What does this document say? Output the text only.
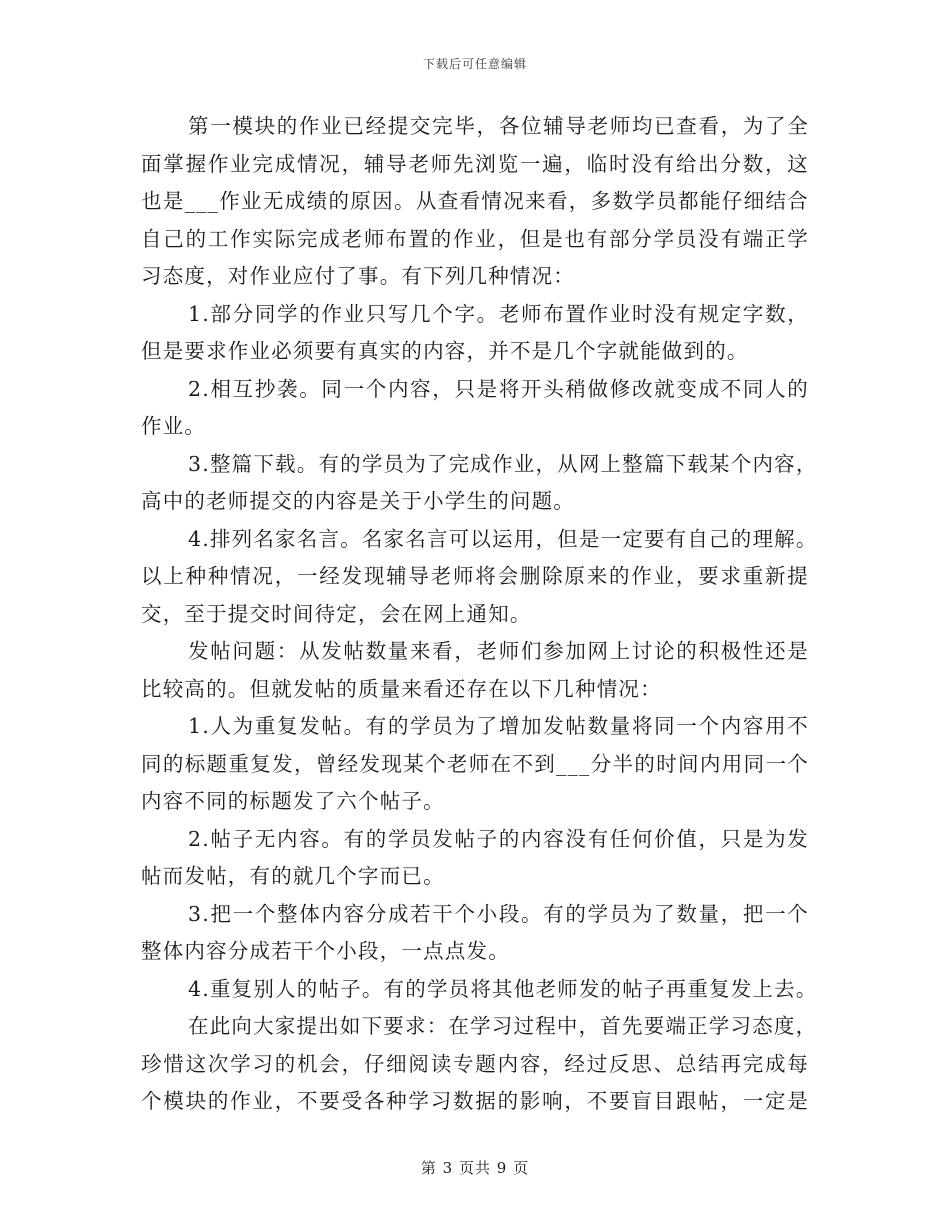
下载后可任意编辑
第一模块的作业已经提交完毕，各位辅导老师均已查看，为了全
面掌握作业完成情况，辅导老师先浏览一遍，临时没有给出分数，这
也是___作业无成绩的原因。从查看情况来看，多数学员都能仔细结合
自己的工作实际完成老师布置的作业，但是也有部分学员没有端正学
习态度，对作业应付了事。有下列几种情况：
1.部分同学的作业只写几个字。老师布置作业时没有规定字数，
但是要求作业必须要有真实的内容，并不是几个字就能做到的。
2.相互抄袭。同一个内容，只是将开头稍做修改就变成不同人的
作业。
3.整篇下载。有的学员为了完成作业，从网上整篇下载某个内容，
高中的老师提交的内容是关于小学生的问题。
4.排列名家名言。名家名言可以运用，但是一定要有自己的理解。
以上种种情况，一经发现辅导老师将会删除原来的作业，要求重新提
交，至于提交时间待定，会在网上通知。
发帖问题：从发帖数量来看，老师们参加网上讨论的积极性还是
比较高的。但就发帖的质量来看还存在以下几种情况：
1.人为重复发帖。有的学员为了增加发帖数量将同一个内容用不
同的标题重复发，曾经发现某个老师在不到___分半的时间内用同一个
内容不同的标题发了六个帖子。
2.帖子无内容。有的学员发帖子的内容没有任何价值，只是为发
帖而发帖，有的就几个字而已。
3.把一个整体内容分成若干个小段。有的学员为了数量，把一个
整体内容分成若干个小段，一点点发。
4.重复别人的帖子。有的学员将其他老师发的帖子再重复发上去。
在此向大家提出如下要求：在学习过程中，首先要端正学习态度，
珍惜这次学习的机会，仔细阅读专题内容，经过反思、总结再完成每
个模块的作业，不要受各种学习数据的影响，不要盲目跟帖，一定是
第 3 页共 9 页
